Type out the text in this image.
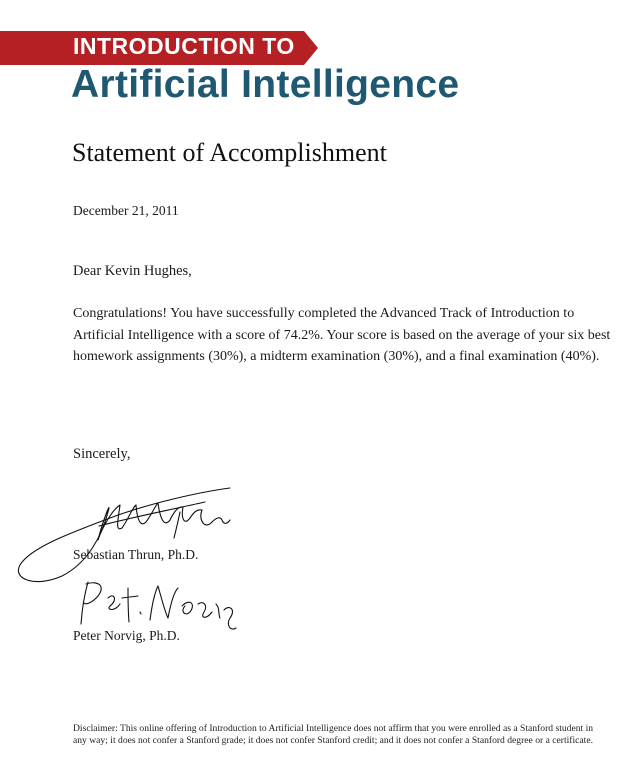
INTRODUCTION TO
Artificial Intelligence
Statement of Accomplishment
December 21, 2011
Dear Kevin Hughes,

Congratulations! You have successfully completed the Advanced Track of Introduction to Artificial Intelligence with a score of 74.2%. Your score is based on the average of your six best homework assignments (30%), a midterm examination (30%), and a final examination (40%).

Sincerely,
Sebastian Thrun, Ph.D.
Peter Norvig, Ph.D.

Disclaimer: This online offering of Introduction to Artificial Intelligence does not affirm that you were enrolled as a Stanford student in any way; it does not confer a Stanford grade; it does not confer Stanford credit; and it does not confer a Stanford degree or a certificate.
